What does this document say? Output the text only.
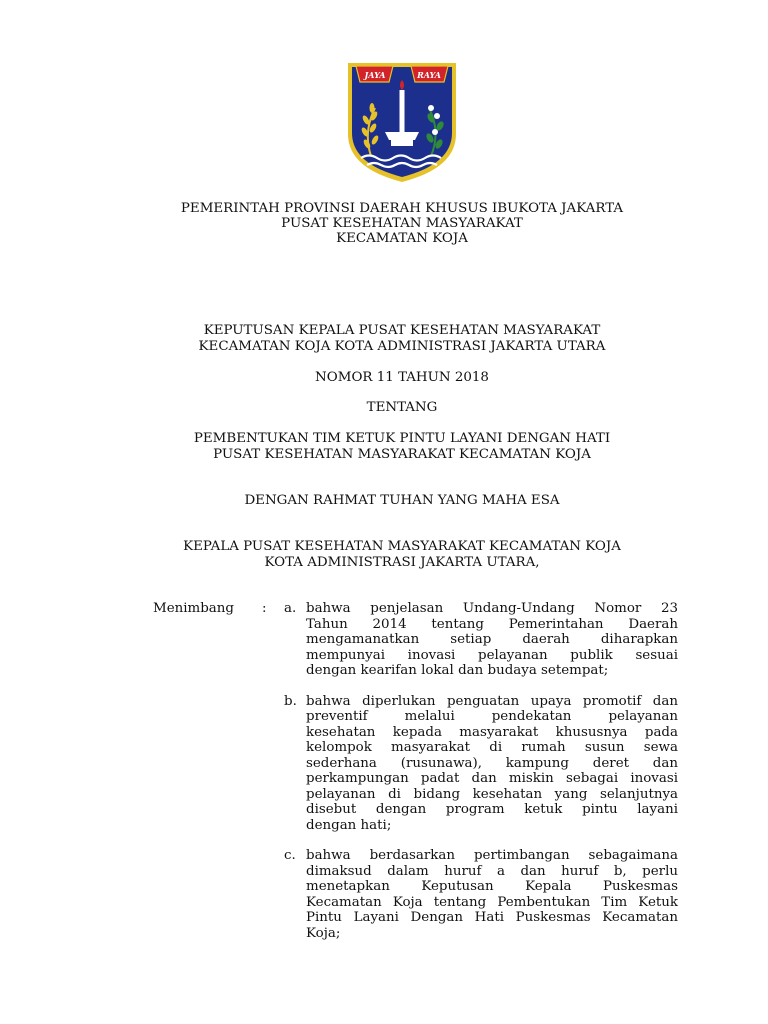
JAYA	RAYA
PEMERINTAH PROVINSI DAERAH KHUSUS IBUKOTA JAKARTA
PUSAT KESEHATAN MASYARAKAT
KECAMATAN KOJA
KEPUTUSAN KEPALA PUSAT KESEHATAN MASYARAKAT
KECAMATAN KOJA KOTA ADMINISTRASI JAKARTA UTARA
NOMOR 11 TAHUN 2018
TENTANG
PEMBENTUKAN TIM KETUK PINTU LAYANI DENGAN HATI
PUSAT KESEHATAN MASYARAKAT KECAMATAN KOJA
DENGAN RAHMAT TUHAN YANG MAHA ESA
KEPALA PUSAT KESEHATAN MASYARAKAT KECAMATAN KOJA
KOTA ADMINISTRASI JAKARTA UTARA,
Menimbang : a. bahwa penjelasan Undang-Undang Nomor 23
Tahun 2014 tentang Pemerintahan Daerah
mengamanatkan setiap daerah diharapkan
mempunyai inovasi pelayanan publik sesuai
dengan kearifan lokal dan budaya setempat;
b. bahwa diperlukan penguatan upaya promotif dan
preventif melalui pendekatan pelayanan
kesehatan kepada masyarakat khususnya pada
kelompok masyarakat di rumah susun sewa
sederhana (rusunawa), kampung deret dan
perkampungan padat dan miskin sebagai inovasi
pelayanan di bidang kesehatan yang selanjutnya
disebut dengan program ketuk pintu layani
dengan hati;
c. bahwa berdasarkan pertimbangan sebagaimana
dimaksud dalam huruf a dan huruf b, perlu
menetapkan Keputusan Kepala Puskesmas
Kecamatan Koja tentang Pembentukan Tim Ketuk
Pintu Layani Dengan Hati Puskesmas Kecamatan
Koja;
